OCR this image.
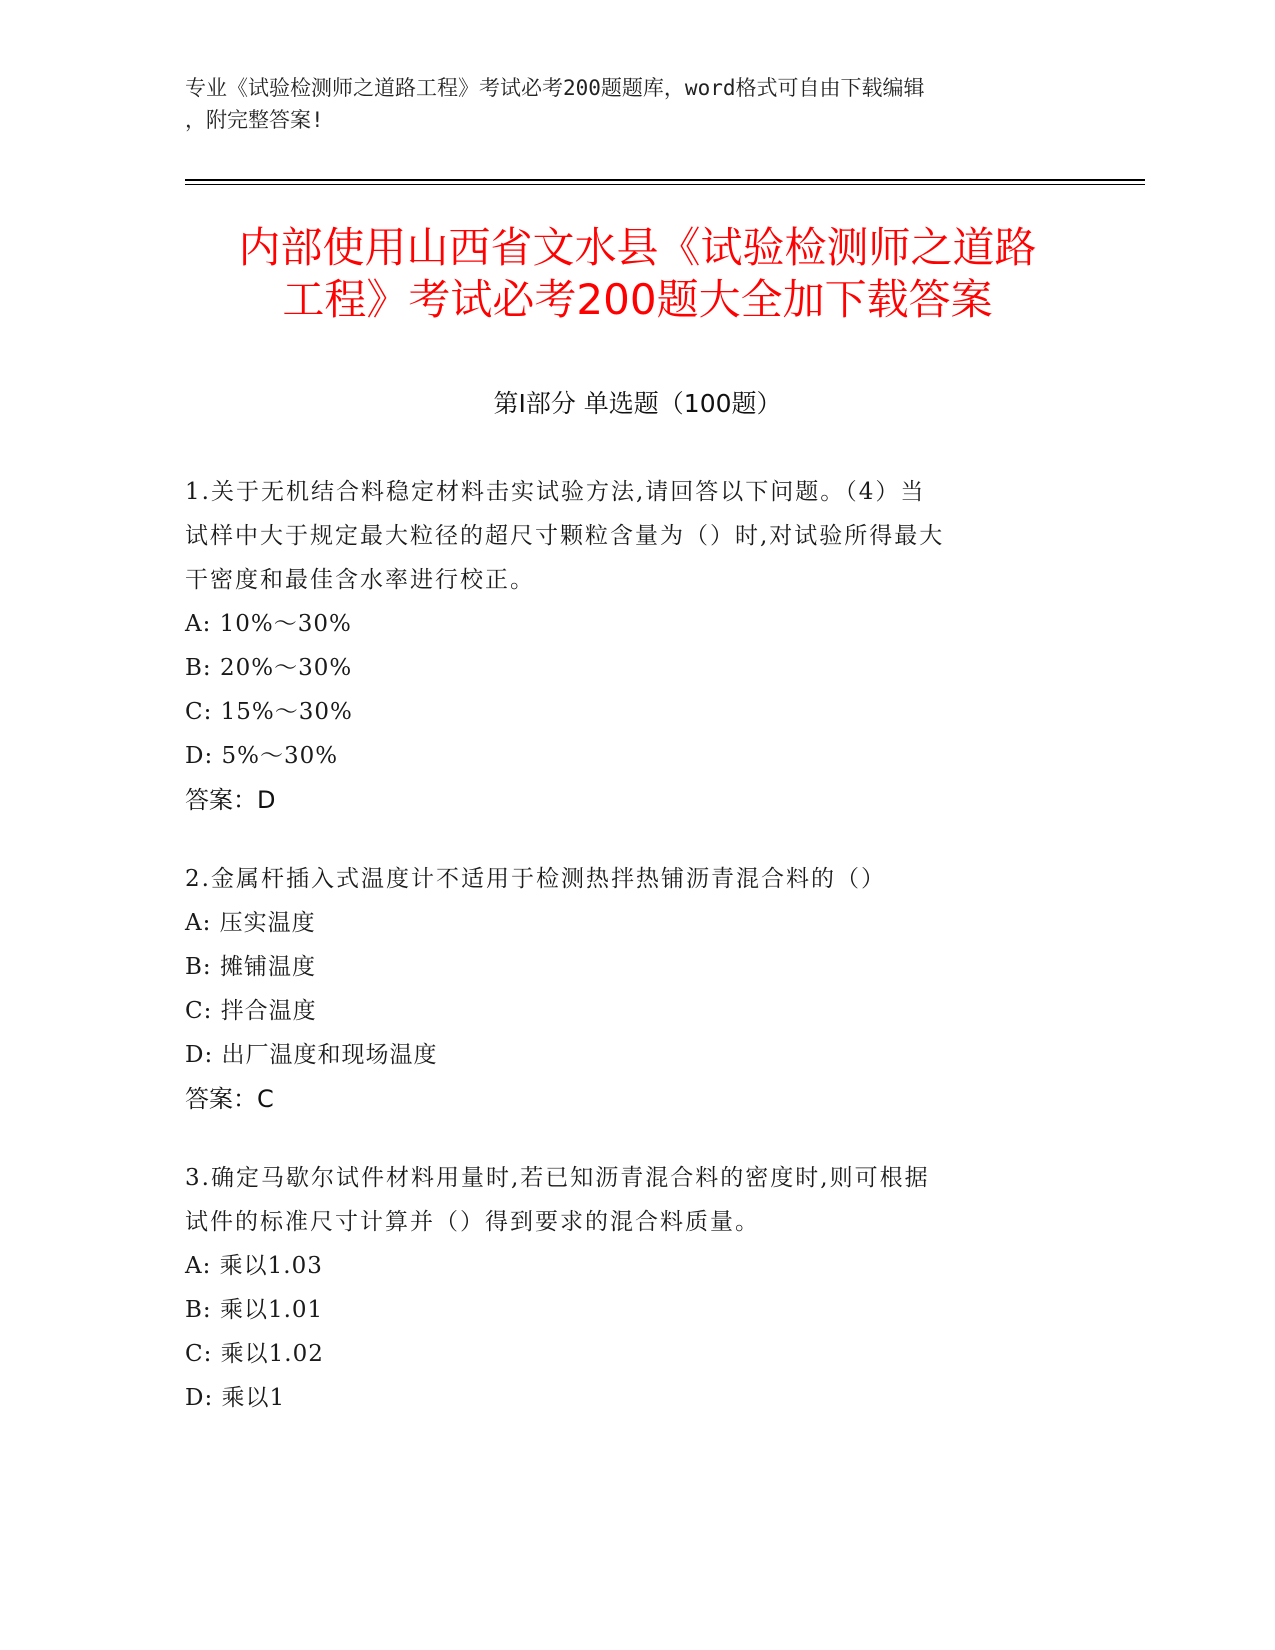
专业《试验检测师之道路工程》考试必考200题题库，word格式可自由下载编辑
，附完整答案!
内部使用山西省文水县《试验检测师之道路
工程》考试必考200题大全加下载答案
第I部分 单选题（100题）
1.关于无机结合料稳定材料击实试验方法,请回答以下问题。（4）当
试样中大于规定最大粒径的超尺寸颗粒含量为（）时,对试验所得最大
干密度和最佳含水率进行校正。
A: 10%～30%
B: 20%～30%
C: 15%～30%
D: 5%～30%
答案：D
2.金属杆插入式温度计不适用于检测热拌热铺沥青混合料的（）
A: 压实温度
B: 摊铺温度
C: 拌合温度
D: 出厂温度和现场温度
答案：C
3.确定马歇尔试件材料用量时,若已知沥青混合料的密度时,则可根据
试件的标准尺寸计算并（）得到要求的混合料质量。
A: 乘以1.03
B: 乘以1.01
C: 乘以1.02
D: 乘以1
